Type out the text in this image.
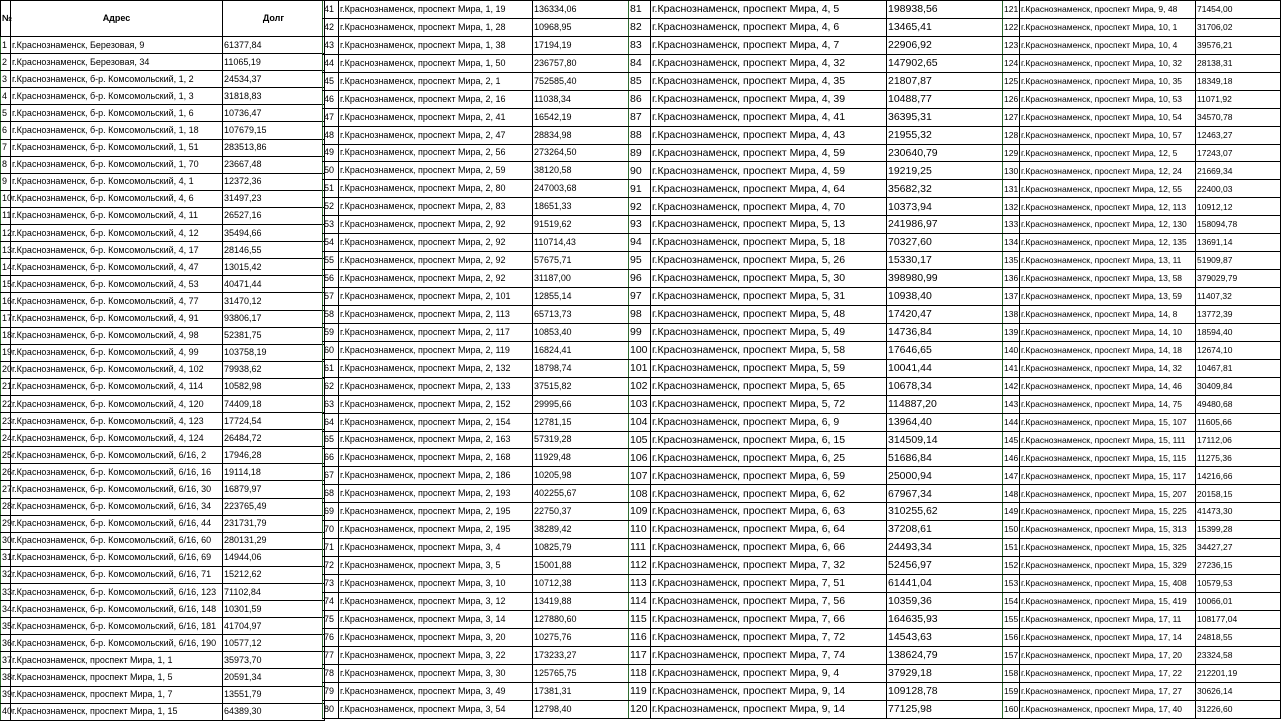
№	Адрес	Долг
1	г.Краснознаменск, Березовая, 9	61377,84
2	г.Краснознаменск, Березовая, 34	11065,19
3	г.Краснознаменск, б-р. Комсомольский, 1, 2	24534,37
4	г.Краснознаменск, б-р. Комсомольский, 1, 3	31818,83
5	г.Краснознаменск, б-р. Комсомольский, 1, 6	10736,47
6	г.Краснознаменск, б-р. Комсомольский, 1, 18	107679,15
7	г.Краснознаменск, б-р. Комсомольский, 1, 51	283513,86
8	г.Краснознаменск, б-р. Комсомольский, 1, 70	23667,48
9	г.Краснознаменск, б-р. Комсомольский, 4, 1	12372,36
10	г.Краснознаменск, б-р. Комсомольский, 4, 6	31497,23
11	г.Краснознаменск, б-р. Комсомольский, 4, 11	26527,16
12	г.Краснознаменск, б-р. Комсомольский, 4, 12	35494,66
13	г.Краснознаменск, б-р. Комсомольский, 4, 17	28146,55
14	г.Краснознаменск, б-р. Комсомольский, 4, 47	13015,42
15	г.Краснознаменск, б-р. Комсомольский, 4, 53	40471,44
16	г.Краснознаменск, б-р. Комсомольский, 4, 77	31470,12
17	г.Краснознаменск, б-р. Комсомольский, 4, 91	93806,17
18	г.Краснознаменск, б-р. Комсомольский, 4, 98	52381,75
19	г.Краснознаменск, б-р. Комсомольский, 4, 99	103758,19
20	г.Краснознаменск, б-р. Комсомольский, 4, 102	79938,62
21	г.Краснознаменск, б-р. Комсомольский, 4, 114	10582,98
22	г.Краснознаменск, б-р. Комсомольский, 4, 120	74409,18
23	г.Краснознаменск, б-р. Комсомольский, 4, 123	17724,54
24	г.Краснознаменск, б-р. Комсомольский, 4, 124	26484,72
25	г.Краснознаменск, б-р. Комсомольский, 6/16, 2	17946,28
26	г.Краснознаменск, б-р. Комсомольский, 6/16, 16	19114,18
27	г.Краснознаменск, б-р. Комсомольский, 6/16, 30	16879,97
28	г.Краснознаменск, б-р. Комсомольский, 6/16, 34	223765,49
29	г.Краснознаменск, б-р. Комсомольский, 6/16, 44	231731,79
30	г.Краснознаменск, б-р. Комсомольский, 6/16, 60	280131,29
31	г.Краснознаменск, б-р. Комсомольский, 6/16, 69	14944,06
32	г.Краснознаменск, б-р. Комсомольский, 6/16, 71	15212,62
33	г.Краснознаменск, б-р. Комсомольский, 6/16, 123	71102,84
34	г.Краснознаменск, б-р. Комсомольский, 6/16, 148	10301,59
35	г.Краснознаменск, б-р. Комсомольский, 6/16, 181	41704,97
36	г.Краснознаменск, б-р. Комсомольский, 6/16, 190	10577,12
37	г.Краснознаменск, проспект Мира, 1, 1	35973,70
38	г.Краснознаменск, проспект Мира, 1, 5	20591,34
39	г.Краснознаменск, проспект Мира, 1, 7	13551,79
40	г.Краснознаменск, проспект Мира, 1, 15	64389,30
41	г.Краснознаменск, проспект Мира, 1, 19	136334,06
42	г.Краснознаменск, проспект Мира, 1, 28	10968,95
43	г.Краснознаменск, проспект Мира, 1, 38	17194,19
44	г.Краснознаменск, проспект Мира, 1, 50	236757,80
45	г.Краснознаменск, проспект Мира, 2, 1	752585,40
46	г.Краснознаменск, проспект Мира, 2, 16	11038,34
47	г.Краснознаменск, проспект Мира, 2, 41	16542,19
48	г.Краснознаменск, проспект Мира, 2, 47	28834,98
49	г.Краснознаменск, проспект Мира, 2, 56	273264,50
50	г.Краснознаменск, проспект Мира, 2, 59	38120,58
51	г.Краснознаменск, проспект Мира, 2, 80	247003,68
52	г.Краснознаменск, проспект Мира, 2, 83	18651,33
53	г.Краснознаменск, проспект Мира, 2, 92	91519,62
54	г.Краснознаменск, проспект Мира, 2, 92	110714,43
55	г.Краснознаменск, проспект Мира, 2, 92	57675,71
56	г.Краснознаменск, проспект Мира, 2, 92	31187,00
57	г.Краснознаменск, проспект Мира, 2, 101	12855,14
58	г.Краснознаменск, проспект Мира, 2, 113	65713,73
59	г.Краснознаменск, проспект Мира, 2, 117	10853,40
60	г.Краснознаменск, проспект Мира, 2, 119	16824,41
61	г.Краснознаменск, проспект Мира, 2, 132	18798,74
62	г.Краснознаменск, проспект Мира, 2, 133	37515,82
63	г.Краснознаменск, проспект Мира, 2, 152	29995,66
64	г.Краснознаменск, проспект Мира, 2, 154	12781,15
65	г.Краснознаменск, проспект Мира, 2, 163	57319,28
66	г.Краснознаменск, проспект Мира, 2, 168	11929,48
67	г.Краснознаменск, проспект Мира, 2, 186	10205,98
68	г.Краснознаменск, проспект Мира, 2, 193	402255,67
69	г.Краснознаменск, проспект Мира, 2, 195	22750,37
70	г.Краснознаменск, проспект Мира, 2, 195	38289,42
71	г.Краснознаменск, проспект Мира, 3, 4	10825,79
72	г.Краснознаменск, проспект Мира, 3, 5	15001,88
73	г.Краснознаменск, проспект Мира, 3, 10	10712,38
74	г.Краснознаменск, проспект Мира, 3, 12	13419,88
75	г.Краснознаменск, проспект Мира, 3, 14	127880,60
76	г.Краснознаменск, проспект Мира, 3, 20	10275,76
77	г.Краснознаменск, проспект Мира, 3, 22	173233,27
78	г.Краснознаменск, проспект Мира, 3, 30	125765,75
79	г.Краснознаменск, проспект Мира, 3, 49	17381,31
80	г.Краснознаменск, проспект Мира, 3, 54	12798,40
81	г.Краснознаменск, проспект Мира, 4, 5	198938,56
82	г.Краснознаменск, проспект Мира, 4, 6	13465,41
83	г.Краснознаменск, проспект Мира, 4, 7	22906,92
84	г.Краснознаменск, проспект Мира, 4, 32	147902,65
85	г.Краснознаменск, проспект Мира, 4, 35	21807,87
86	г.Краснознаменск, проспект Мира, 4, 39	10488,77
87	г.Краснознаменск, проспект Мира, 4, 41	36395,31
88	г.Краснознаменск, проспект Мира, 4, 43	21955,32
89	г.Краснознаменск, проспект Мира, 4, 59	230640,79
90	г.Краснознаменск, проспект Мира, 4, 59	19219,25
91	г.Краснознаменск, проспект Мира, 4, 64	35682,32
92	г.Краснознаменск, проспект Мира, 4, 70	10373,94
93	г.Краснознаменск, проспект Мира, 5, 13	241986,97
94	г.Краснознаменск, проспект Мира, 5, 18	70327,60
95	г.Краснознаменск, проспект Мира, 5, 26	15330,17
96	г.Краснознаменск, проспект Мира, 5, 30	398980,99
97	г.Краснознаменск, проспект Мира, 5, 31	10938,40
98	г.Краснознаменск, проспект Мира, 5, 48	17420,47
99	г.Краснознаменск, проспект Мира, 5, 49	14736,84
100	г.Краснознаменск, проспект Мира, 5, 58	17646,65
101	г.Краснознаменск, проспект Мира, 5, 59	10041,44
102	г.Краснознаменск, проспект Мира, 5, 65	10678,34
103	г.Краснознаменск, проспект Мира, 5, 72	114887,20
104	г.Краснознаменск, проспект Мира, 6, 9	13964,40
105	г.Краснознаменск, проспект Мира, 6, 15	314509,14
106	г.Краснознаменск, проспект Мира, 6, 25	51686,84
107	г.Краснознаменск, проспект Мира, 6, 59	25000,94
108	г.Краснознаменск, проспект Мира, 6, 62	67967,34
109	г.Краснознаменск, проспект Мира, 6, 63	310255,62
110	г.Краснознаменск, проспект Мира, 6, 64	37208,61
111	г.Краснознаменск, проспект Мира, 6, 66	24493,34
112	г.Краснознаменск, проспект Мира, 7, 32	52456,97
113	г.Краснознаменск, проспект Мира, 7, 51	61441,04
114	г.Краснознаменск, проспект Мира, 7, 56	10359,36
115	г.Краснознаменск, проспект Мира, 7, 66	164635,93
116	г.Краснознаменск, проспект Мира, 7, 72	14543,63
117	г.Краснознаменск, проспект Мира, 7, 74	138624,79
118	г.Краснознаменск, проспект Мира, 9, 4	37929,18
119	г.Краснознаменск, проспект Мира, 9, 14	109128,78
120	г.Краснознаменск, проспект Мира, 9, 14	77125,98
121	г.Краснознаменск, проспект Мира, 9, 48	71454,00
122	г.Краснознаменск, проспект Мира, 10, 1	31706,02
123	г.Краснознаменск, проспект Мира, 10, 4	39576,21
124	г.Краснознаменск, проспект Мира, 10, 32	28138,31
125	г.Краснознаменск, проспект Мира, 10, 35	18349,18
126	г.Краснознаменск, проспект Мира, 10, 53	11071,92
127	г.Краснознаменск, проспект Мира, 10, 54	34570,78
128	г.Краснознаменск, проспект Мира, 10, 57	12463,27
129	г.Краснознаменск, проспект Мира, 12, 5	17243,07
130	г.Краснознаменск, проспект Мира, 12, 24	21669,34
131	г.Краснознаменск, проспект Мира, 12, 55	22400,03
132	г.Краснознаменск, проспект Мира, 12, 113	10912,12
133	г.Краснознаменск, проспект Мира, 12, 130	158094,78
134	г.Краснознаменск, проспект Мира, 12, 135	13691,14
135	г.Краснознаменск, проспект Мира, 13, 11	51909,87
136	г.Краснознаменск, проспект Мира, 13, 58	379029,79
137	г.Краснознаменск, проспект Мира, 13, 59	11407,32
138	г.Краснознаменск, проспект Мира, 14, 8	13772,39
139	г.Краснознаменск, проспект Мира, 14, 10	18594,40
140	г.Краснознаменск, проспект Мира, 14, 18	12674,10
141	г.Краснознаменск, проспект Мира, 14, 32	10467,81
142	г.Краснознаменск, проспект Мира, 14, 46	30409,84
143	г.Краснознаменск, проспект Мира, 14, 75	49480,68
144	г.Краснознаменск, проспект Мира, 15, 107	11605,66
145	г.Краснознаменск, проспект Мира, 15, 111	17112,06
146	г.Краснознаменск, проспект Мира, 15, 115	11275,36
147	г.Краснознаменск, проспект Мира, 15, 117	14216,66
148	г.Краснознаменск, проспект Мира, 15, 207	20158,15
149	г.Краснознаменск, проспект Мира, 15, 225	41473,30
150	г.Краснознаменск, проспект Мира, 15, 313	15399,28
151	г.Краснознаменск, проспект Мира, 15, 325	34427,27
152	г.Краснознаменск, проспект Мира, 15, 329	27236,15
153	г.Краснознаменск, проспект Мира, 15, 408	10579,53
154	г.Краснознаменск, проспект Мира, 15, 419	10066,01
155	г.Краснознаменск, проспект Мира, 17, 11	108177,04
156	г.Краснознаменск, проспект Мира, 17, 14	24818,55
157	г.Краснознаменск, проспект Мира, 17, 20	23324,58
158	г.Краснознаменск, проспект Мира, 17, 22	212201,19
159	г.Краснознаменск, проспект Мира, 17, 27	30626,14
160	г.Краснознаменск, проспект Мира, 17, 40	31226,60
